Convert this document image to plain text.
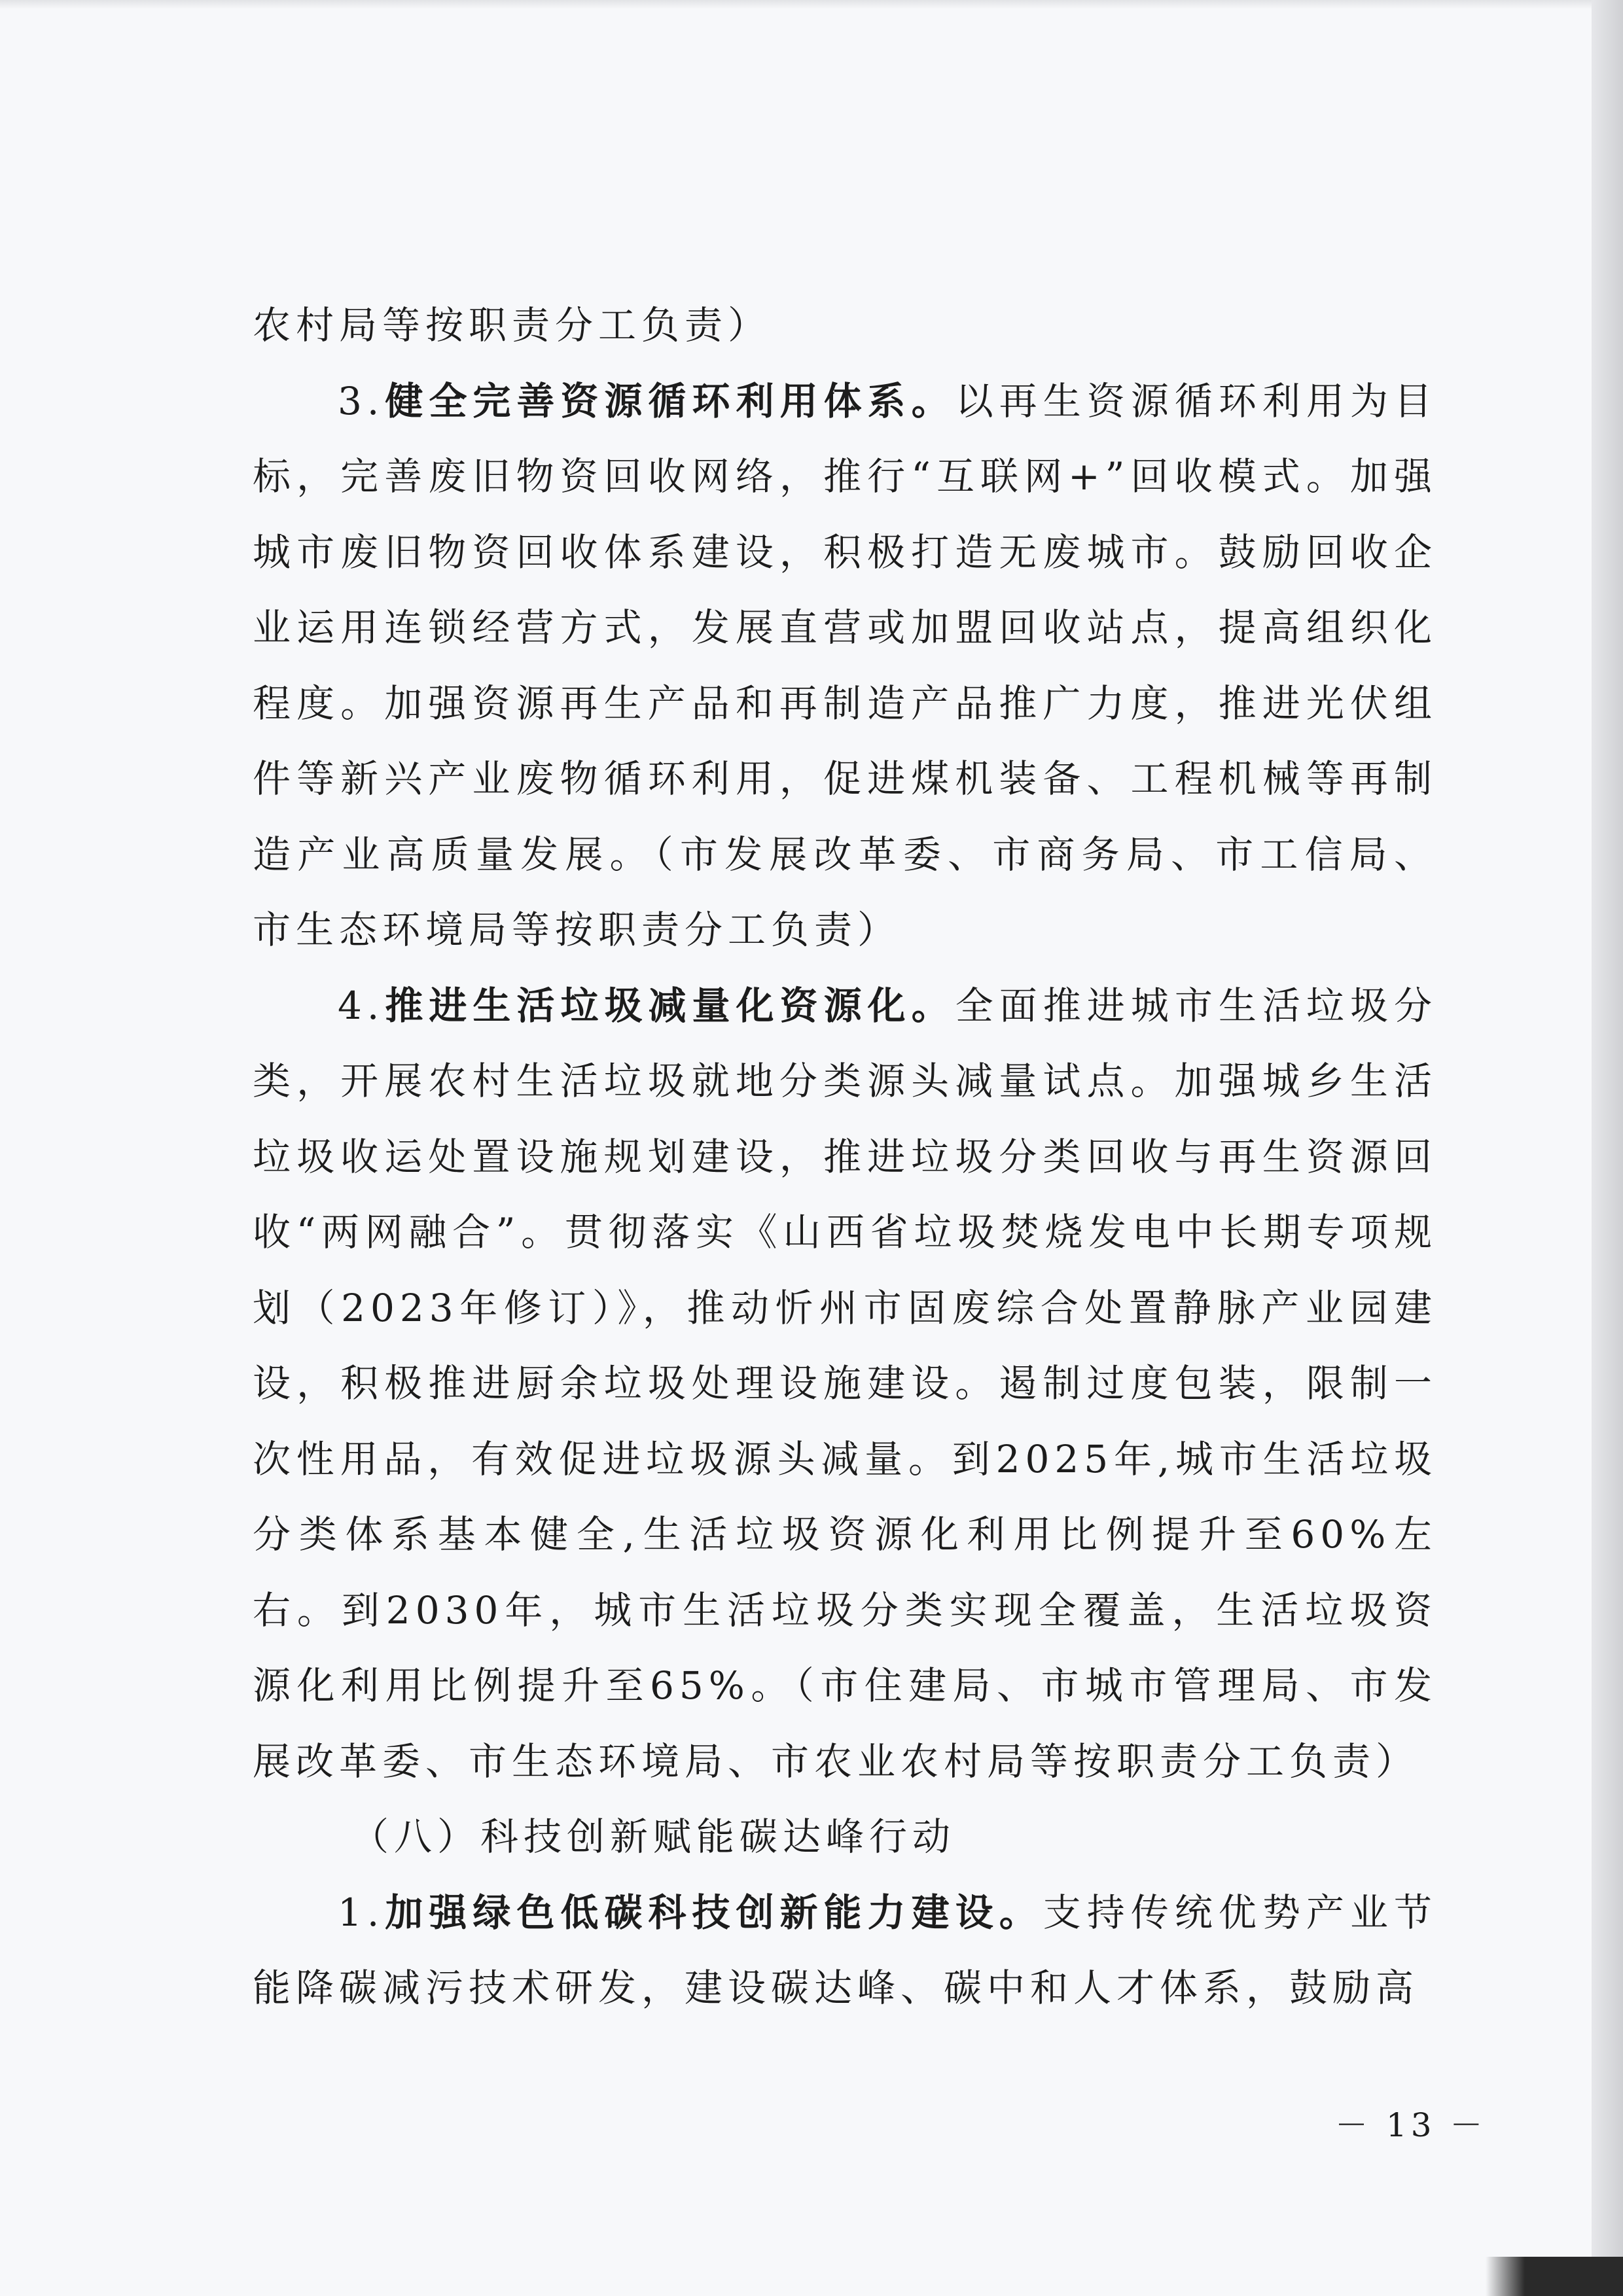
农村局等按职责分工负责）

3.健全完善资源循环利用体系。以再生资源循环利用为目标，完善废旧物资回收网络，推行“互联网+”回收模式。加强城市废旧物资回收体系建设，积极打造无废城市。鼓励回收企业运用连锁经营方式，发展直营或加盟回收站点，提高组织化程度。加强资源再生产品和再制造产品推广力度，推进光伏组件等新兴产业废物循环利用，促进煤机装备、工程机械等再制造产业高质量发展。（市发展改革委、市商务局、市工信局、市生态环境局等按职责分工负责）

4.推进生活垃圾减量化资源化。全面推进城市生活垃圾分类，开展农村生活垃圾就地分类源头减量试点。加强城乡生活垃圾收运处置设施规划建设，推进垃圾分类回收与再生资源回收“两网融合”。贯彻落实《山西省垃圾焚烧发电中长期专项规划（2023年修订）》，推动忻州市固废综合处置静脉产业园建设，积极推进厨余垃圾处理设施建设。遏制过度包装，限制一次性用品，有效促进垃圾源头减量。到2025年,城市生活垃圾分类体系基本健全,生活垃圾资源化利用比例提升至60%左右。到2030年，城市生活垃圾分类实现全覆盖，生活垃圾资源化利用比例提升至65%。（市住建局、市城市管理局、市发展改革委、市生态环境局、市农业农村局等按职责分工负责）

（八）科技创新赋能碳达峰行动

1.加强绿色低碳科技创新能力建设。支持传统优势产业节能降碳减污技术研发，建设碳达峰、碳中和人才体系，鼓励高

－ 13 －
